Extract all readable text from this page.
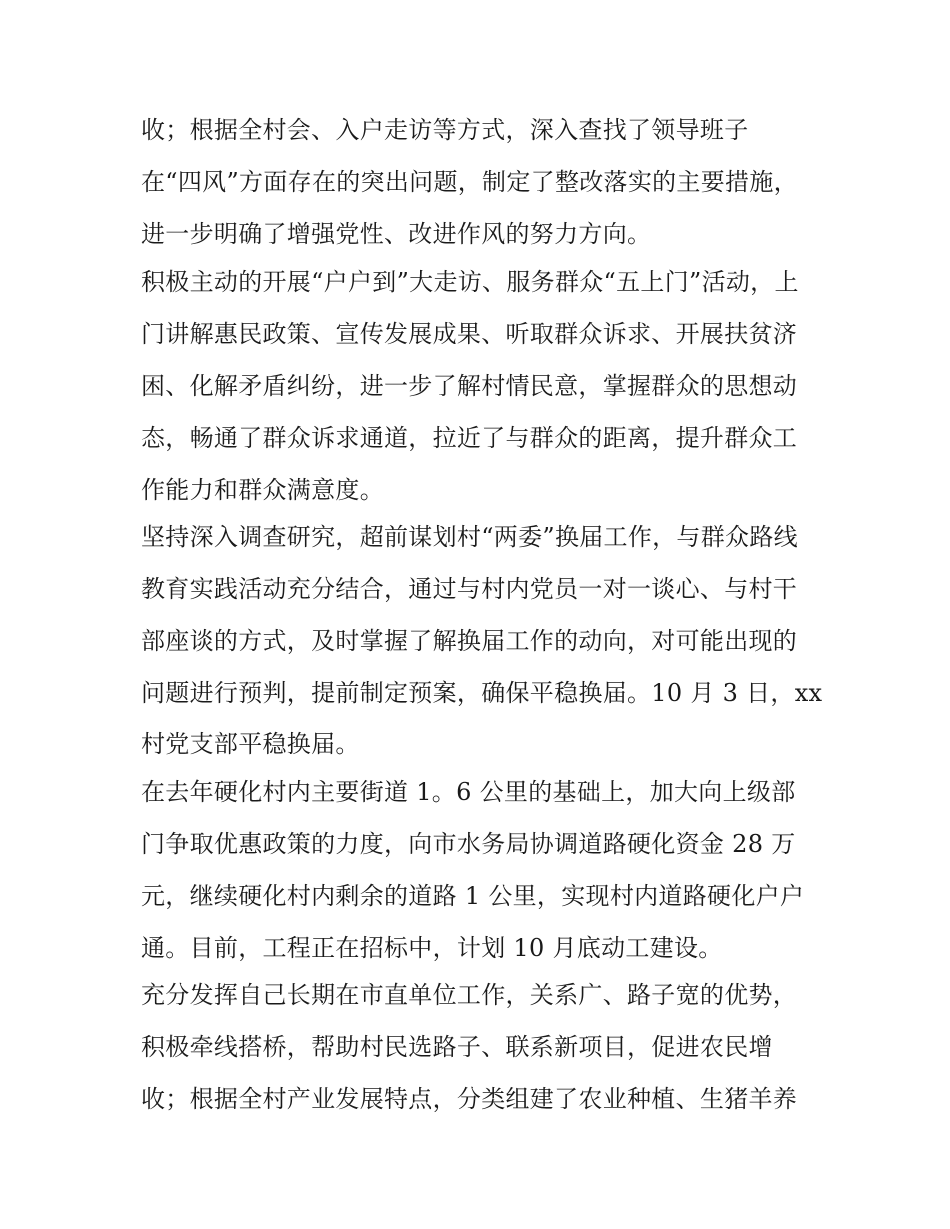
收；根据全村会、入户走访等方式，深入查找了领导班子
在“四风”方面存在的突出问题，制定了整改落实的主要措施，
进一步明确了增强党性、改进作风的努力方向。
积极主动的开展“户户到”大走访、服务群众“五上门”活动，上
门讲解惠民政策、宣传发展成果、听取群众诉求、开展扶贫济
困、化解矛盾纠纷，进一步了解村情民意，掌握群众的思想动
态，畅通了群众诉求通道，拉近了与群众的距离，提升群众工
作能力和群众满意度。
坚持深入调查研究，超前谋划村“两委”换届工作，与群众路线
教育实践活动充分结合，通过与村内党员一对一谈心、与村干
部座谈的方式，及时掌握了解换届工作的动向，对可能出现的
问题进行预判，提前制定预案，确保平稳换届。10 月 3 日，xx
村党支部平稳换届。
在去年硬化村内主要街道 1。6 公里的基础上，加大向上级部
门争取优惠政策的力度，向市水务局协调道路硬化资金 28 万
元，继续硬化村内剩余的道路 1 公里，实现村内道路硬化户户
通。目前，工程正在招标中，计划 10 月底动工建设。
充分发挥自己长期在市直单位工作，关系广、路子宽的优势，
积极牵线搭桥，帮助村民选路子、联系新项目，促进农民增
收；根据全村产业发展特点，分类组建了农业种植、生猪羊养
